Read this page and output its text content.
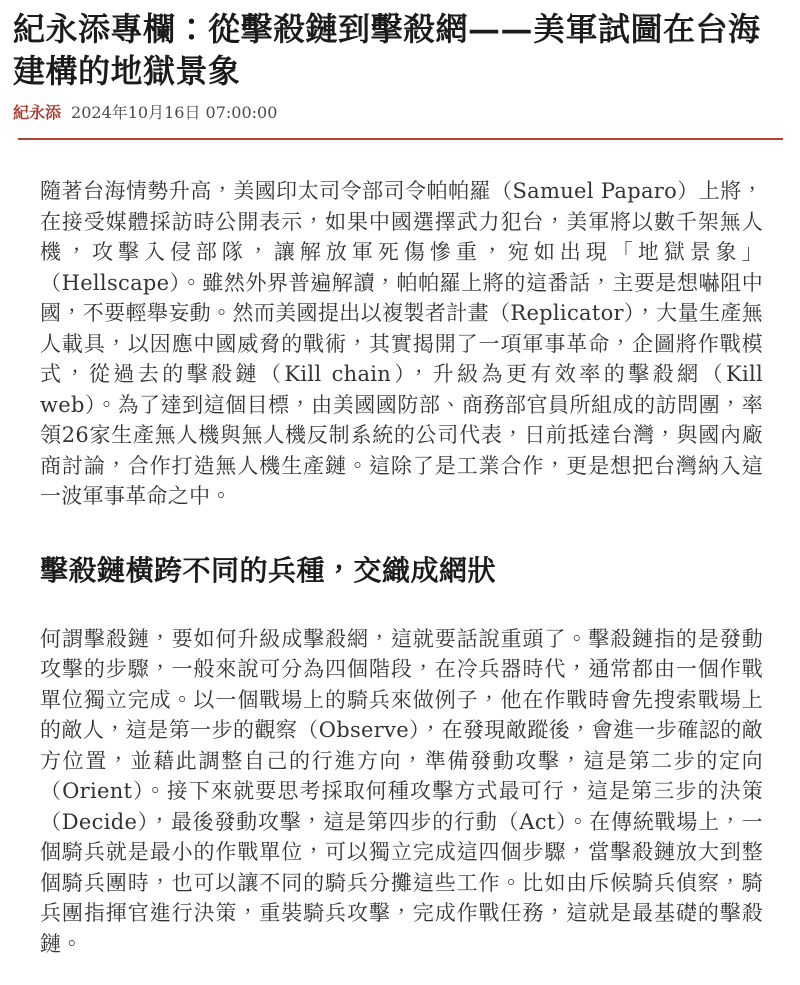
紀永添專欄：從擊殺鏈到擊殺網——美軍試圖在台海建構的地獄景象
紀永添 2024年10月16日 07:00:00

隨著台海情勢升高，美國印太司令部司令帕帕羅（Samuel Paparo）上將，在接受媒體採訪時公開表示，如果中國選擇武力犯台，美軍將以數千架無人機，攻擊入侵部隊，讓解放軍死傷慘重，宛如出現「地獄景象」（Hellscape）。雖然外界普遍解讀，帕帕羅上將的這番話，主要是想嚇阻中國，不要輕舉妄動。然而美國提出以複製者計畫（Replicator），大量生產無人載具，以因應中國威脅的戰術，其實揭開了一項軍事革命，企圖將作戰模式，從過去的擊殺鏈（Kill chain），升級為更有效率的擊殺網（Kill web）。為了達到這個目標，由美國國防部、商務部官員所組成的訪問團，率領26家生產無人機與無人機反制系統的公司代表，日前抵達台灣，與國內廠商討論，合作打造無人機生產鏈。這除了是工業合作，更是想把台灣納入這一波軍事革命之中。

擊殺鏈橫跨不同的兵種，交織成網狀

何謂擊殺鏈，要如何升級成擊殺網，這就要話說重頭了。擊殺鏈指的是發動攻擊的步驟，一般來說可分為四個階段，在冷兵器時代，通常都由一個作戰單位獨立完成。以一個戰場上的騎兵來做例子，他在作戰時會先搜索戰場上的敵人，這是第一步的觀察（Observe），在發現敵蹤後，會進一步確認的敵方位置，並藉此調整自己的行進方向，準備發動攻擊，這是第二步的定向（Orient）。接下來就要思考採取何種攻擊方式最可行，這是第三步的決策（Decide），最後發動攻擊，這是第四步的行動（Act）。在傳統戰場上，一個騎兵就是最小的作戰單位，可以獨立完成這四個步驟，當擊殺鏈放大到整個騎兵團時，也可以讓不同的騎兵分攤這些工作。比如由斥候騎兵偵察，騎兵團指揮官進行決策，重裝騎兵攻擊，完成作戰任務，這就是最基礎的擊殺鏈。
